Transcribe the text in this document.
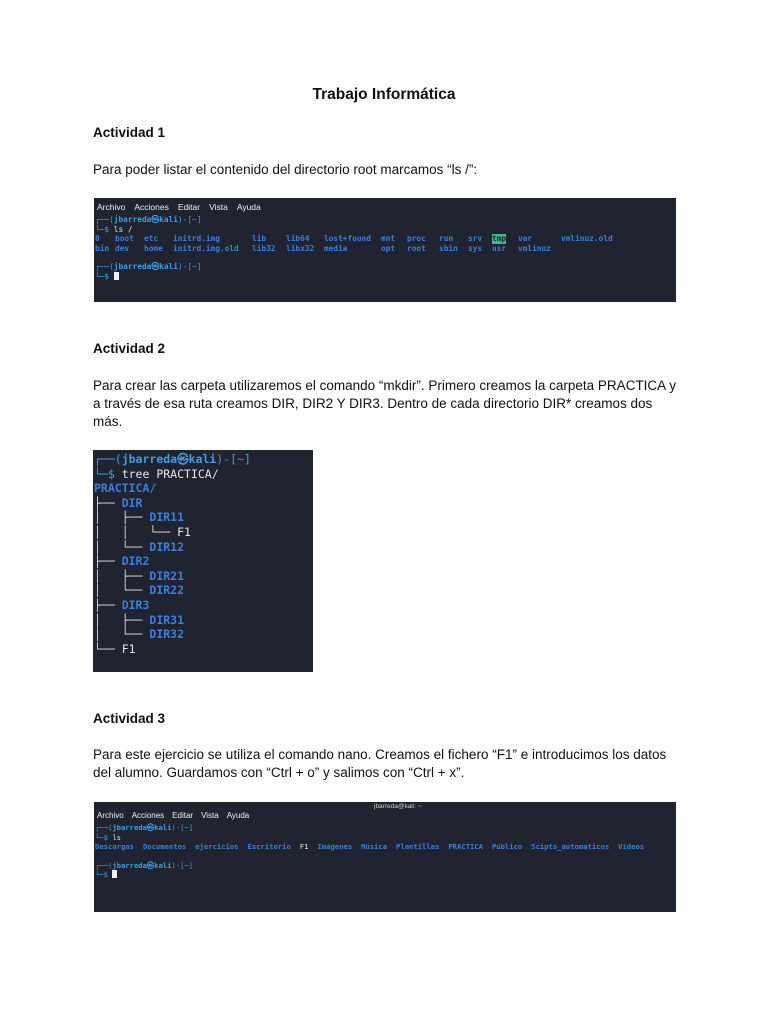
Trabajo Informática
Actividad 1

Para poder listar el contenido del directorio root marcamos “ls /”:

Archivo Acciones Editar Vista Ayuda
┌──(jbarreda㉿kali)-[~]
└─$ ls /
0
bin
boot
dev
etc
home
initrd.img
initrd.img.old
lib
lib32
lib64
libx32
lost+found
media
mnt
opt
proc
root
run
sbin
srv
sys
tmp
usr
var
vmlinuz
vmlinuz.old
┌──(jbarreda㉿kali)-[~]
└─$
Actividad 2

Para crear las carpeta utilizaremos el comando “mkdir”. Primero creamos la carpeta PRACTICA y a través de esa ruta creamos DIR, DIR2 Y DIR3. Dentro de cada directorio DIR* creamos dos más.

┌──(jbarreda㉿kali)-[~]
└─$ tree PRACTICA/
PRACTICA/
├── DIR
│   ├── DIR11
│   │   └── F1
│   └── DIR12
├── DIR2
│   ├── DIR21
│   └── DIR22
├── DIR3
│   ├── DIR31
│   └── DIR32
└── F1
Actividad 3

Para este ejercicio se utiliza el comando nano. Creamos el fichero “F1” e introducimos los datos del alumno. Guardamos con “Ctrl + o” y salimos con “Ctrl + x”.

jbarreda@kali: ~
Archivo Acciones Editar Vista Ayuda
┌──(jbarreda㉿kali)-[~]
└─$ ls
Descargas Documentos ejercicios Escritorio F1 Imágenes Música Plantillas PRACTICA Público Scipts_automaticos Vídeos
┌──(jbarreda㉿kali)-[~]
└─$
